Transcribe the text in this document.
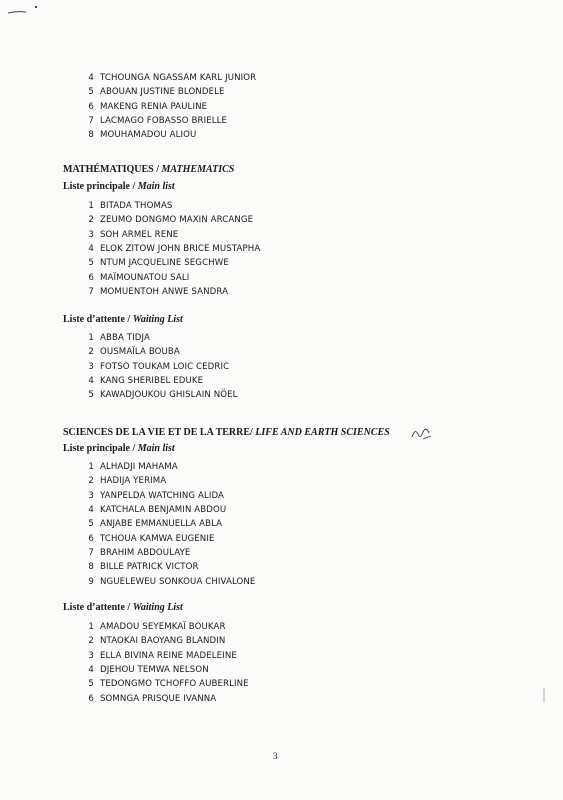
4 TCHOUNGA NGASSAM KARL JUNIOR
5 ABOUAN JUSTINE BLONDELE
6 MAKENG RENIA PAULINE
7 LACMAGO FOBASSO BRIELLE
8 MOUHAMADOU ALIOU
MATHÉMATIQUES / MATHEMATICS
Liste principale / Main list
1 BITADA THOMAS
2 ZEUMO DONGMO MAXIN ARCANGE
3 SOH ARMEL RENE
4 ELOK ZITOW JOHN BRICE MUSTAPHA
5 NTUM JACQUELINE SEGCHWE
6 MAÏMOUNATOU SALI
7 MOMUENTOH ANWE SANDRA
Liste d’attente / Waiting List
1 ABBA TIDJA
2 OUSMAÏLA BOUBA
3 FOTSO TOUKAM LOIC CEDRIC
4 KANG SHERIBEL EDUKE
5 KAWADJOUKOU GHISLAIN NÖEL
SCIENCES DE LA VIE ET DE LA TERRE/ LIFE AND EARTH SCIENCES
Liste principale / Main list
1 ALHADJI MAHAMA
2 HADIJA YERIMA
3 YANPELDA WATCHING ALIDA
4 KATCHALA BENJAMIN ABDOU
5 ANJABE EMMANUELLA ABLA
6 TCHOUA KAMWA EUGENIE
7 BRAHIM ABDOULAYE
8 BILLE PATRICK VICTOR
9 NGUELEWEU SONKOUA CHIVALONE
Liste d’attente / Waiting List
1 AMADOU SEYEMKAÏ BOUKAR
2 NTAOKAI BAOYANG BLANDIN
3 ELLA BIVINA REINE MADELEINE
4 DJEHOU TEMWA NELSON
5 TEDONGMO TCHOFFO AUBERLINE
6 SOMNGA PRISQUE IVANNA
3
